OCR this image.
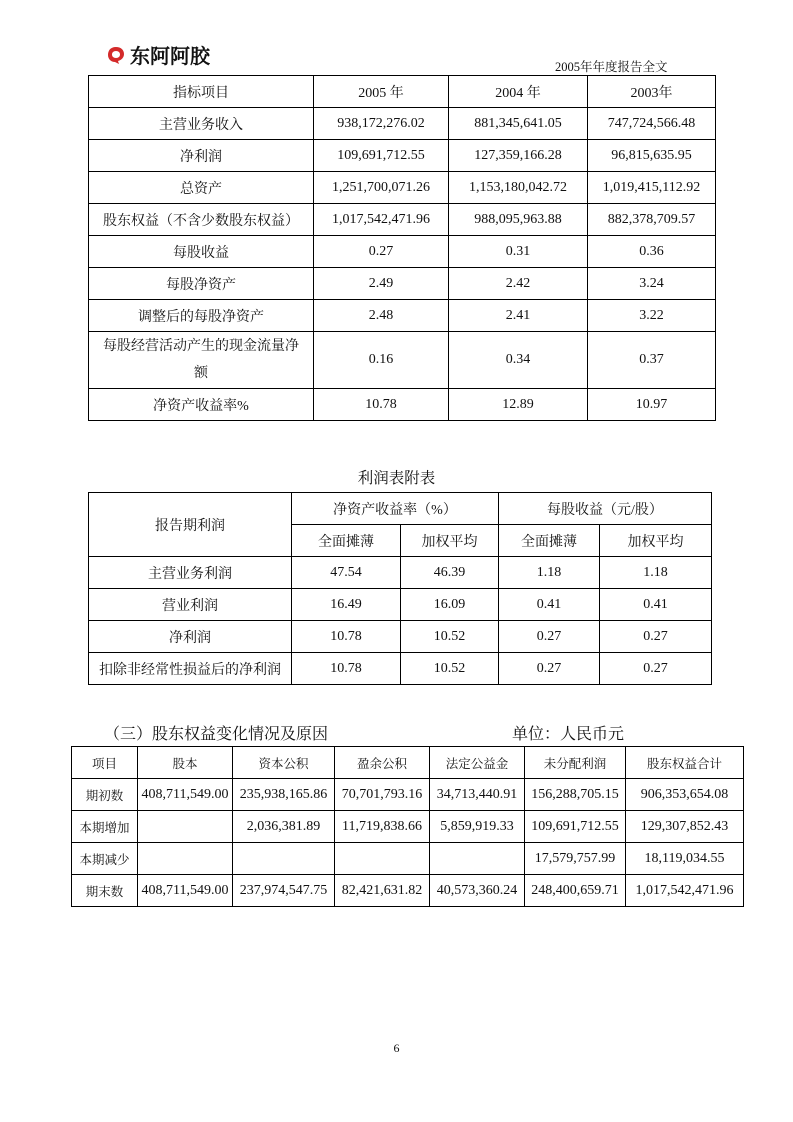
东阿阿胶	2005年年度报告全文
指标项目	2005 年	2004 年	2003年
主营业务收入	938,172,276.02	881,345,641.05	747,724,566.48
净利润	109,691,712.55	127,359,166.28	96,815,635.95
总资产	1,251,700,071.26	1,153,180,042.72	1,019,415,112.92
股东权益（不含少数股东权益）	1,017,542,471.96	988,095,963.88	882,378,709.57
每股收益	0.27	0.31	0.36
每股净资产	2.49	2.42	3.24
调整后的每股净资产	2.48	2.41	3.22
每股经营活动产生的现金流量净额	0.16	0.34	0.37
净资产收益率%	10.78	12.89	10.97
利润表附表
报告期利润	净资产收益率（%）		每股收益（元/股）	
	全面摊薄	加权平均	全面摊薄	加权平均
主营业务利润	47.54	46.39	1.18	1.18
营业利润	16.49	16.09	0.41	0.41
净利润	10.78	10.52	0.27	0.27
扣除非经常性损益后的净利润	10.78	10.52	0.27	0.27
（三）股东权益变化情况及原因	单位：人民币元
项目	股本	资本公积	盈余公积	法定公益金	未分配利润	股东权益合计
期初数	408,711,549.00	235,938,165.86	70,701,793.16	34,713,440.91	156,288,705.15	906,353,654.08
本期增加		2,036,381.89	11,719,838.66	5,859,919.33	109,691,712.55	129,307,852.43
本期减少					17,579,757.99	18,119,034.55
期末数	408,711,549.00	237,974,547.75	82,421,631.82	40,573,360.24	248,400,659.71	1,017,542,471.96
6
